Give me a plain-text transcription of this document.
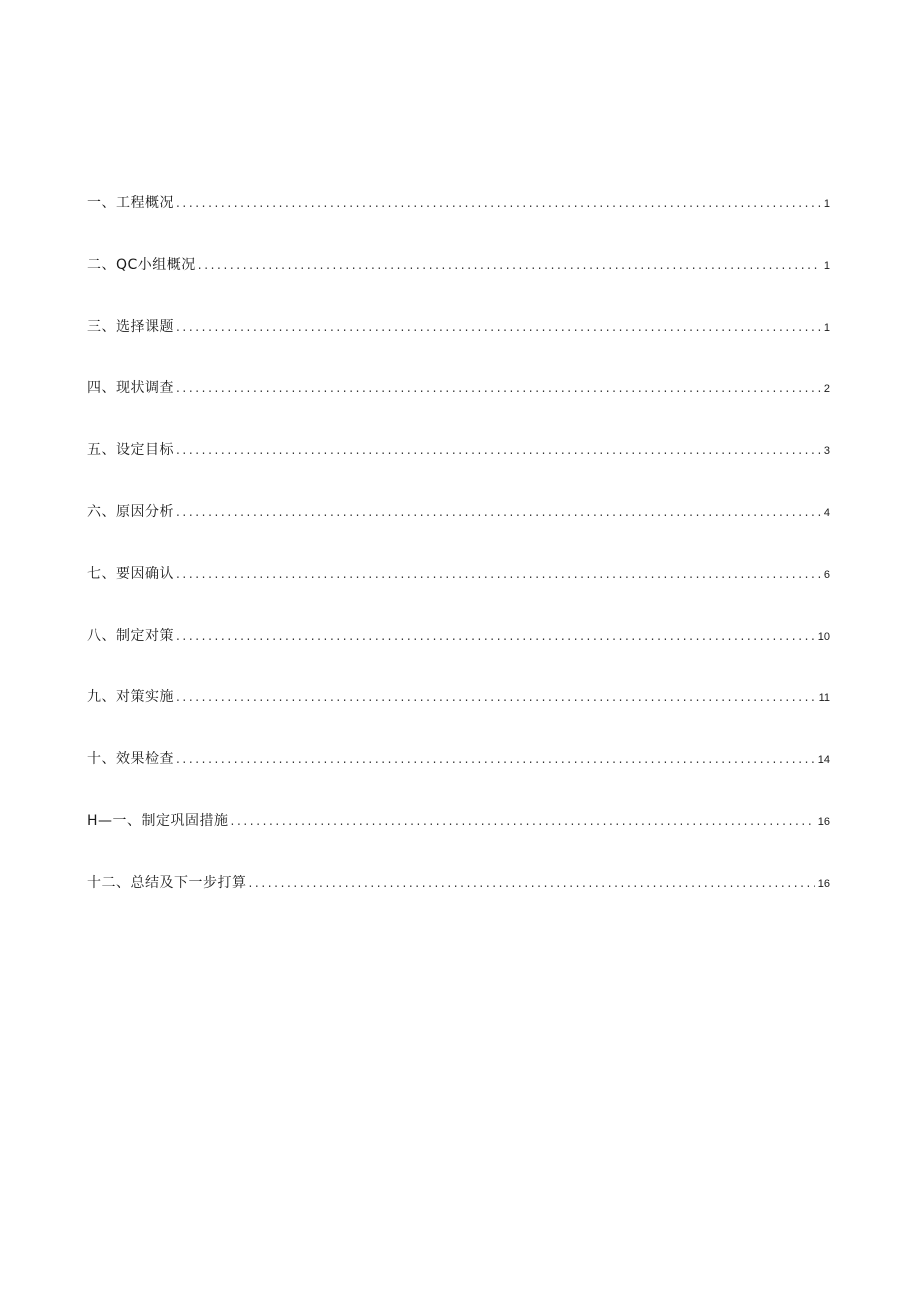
一、工程概况 .....	1
二、QC小组概况 .....	1
三、选择课题 .....	1
四、现状调查 .....	2
五、设定目标 .....	3
六、原因分析 .....	4
七、要因确认 .....	6
八、制定对策 .....	10
九、对策实施 .....	11
十、效果检查 .....	14
H—一、制定巩固措施 .....	16
十二、总结及下一步打算 .....	16
